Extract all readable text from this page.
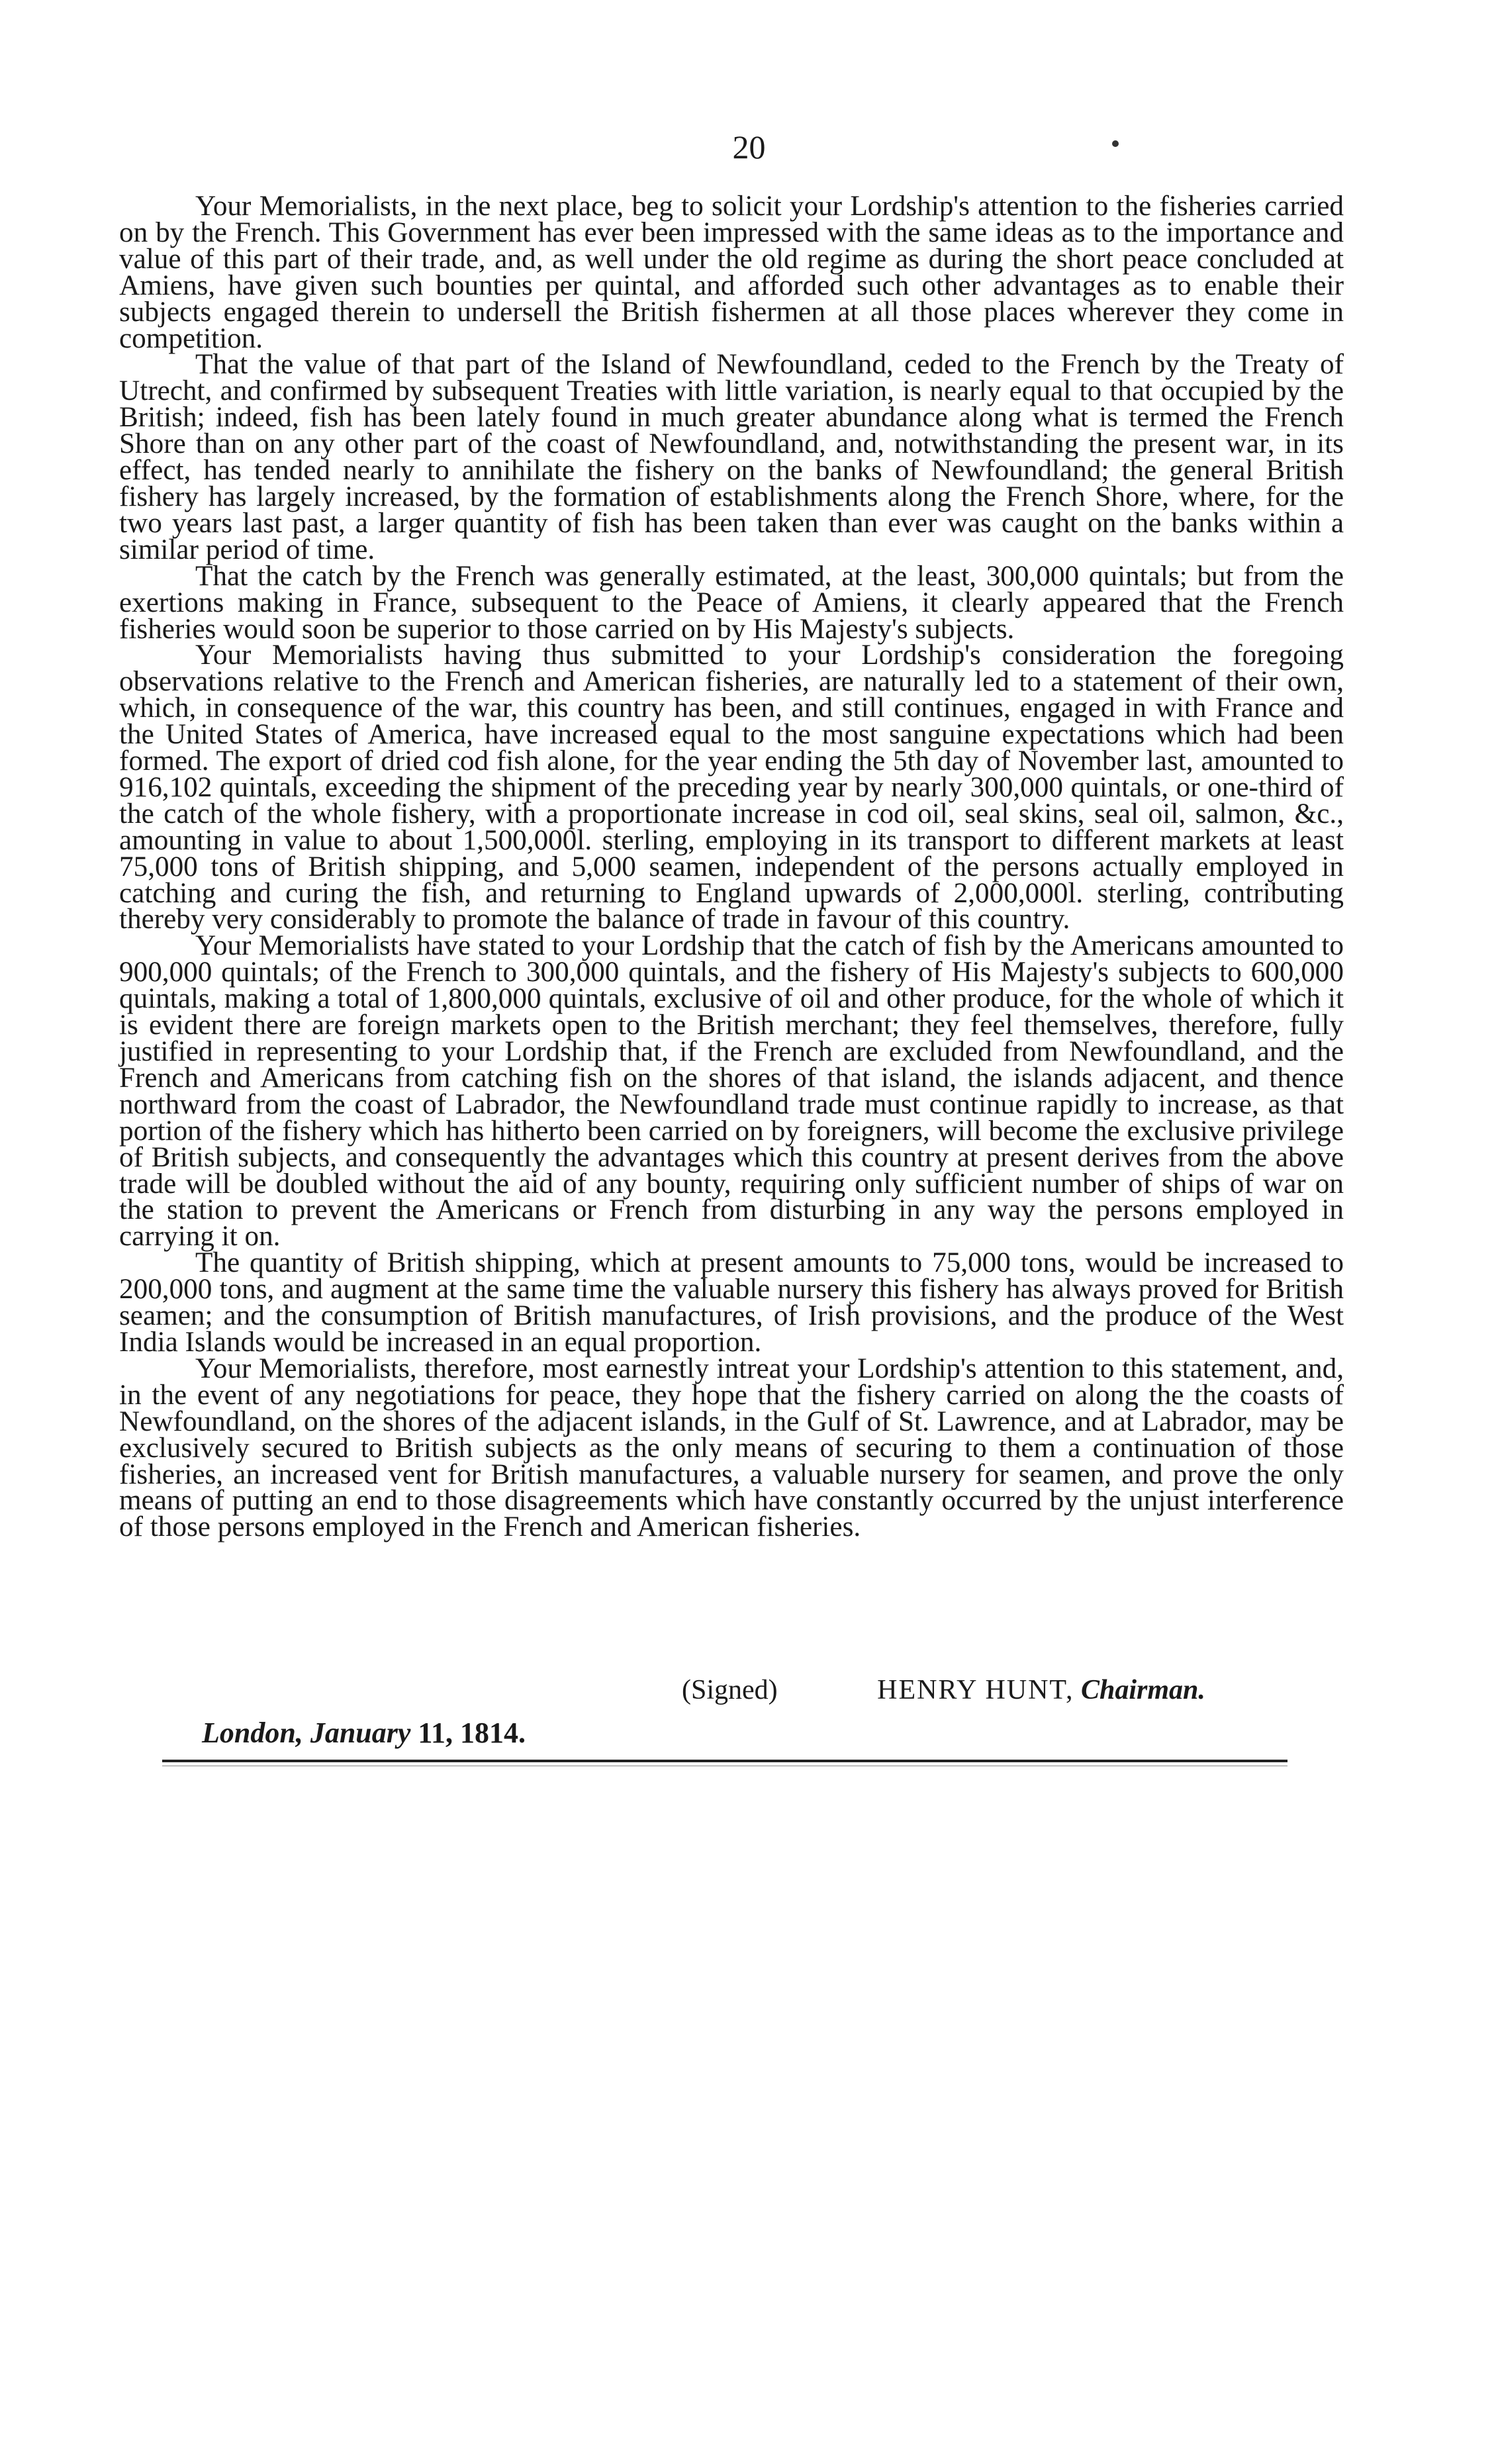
20

Your Memorialists, in the next place, beg to solicit your Lordship's attention to the fisheries carried on by the French. This Government has ever been impressed with the same ideas as to the importance and value of this part of their trade, and, as well under the old regime as during the short peace concluded at Amiens, have given such bounties per quintal, and afforded such other advantages as to enable their subjects engaged therein to undersell the British fishermen at all those places wherever they come in competition.

That the value of that part of the Island of Newfoundland, ceded to the French by the Treaty of Utrecht, and confirmed by subsequent Treaties with little variation, is nearly equal to that occupied by the British; indeed, fish has been lately found in much greater abundance along what is termed the French Shore than on any other part of the coast of Newfoundland, and, notwithstanding the present war, in its effect, has tended nearly to annihilate the fishery on the banks of Newfoundland; the general British fishery has largely increased, by the formation of establishments along the French Shore, where, for the two years last past, a larger quantity of fish has been taken than ever was caught on the banks within a similar period of time.

That the catch by the French was generally estimated, at the least, 300,000 quintals; but from the exertions making in France, subsequent to the Peace of Amiens, it clearly appeared that the French fisheries would soon be superior to those carried on by His Majesty's subjects.

Your Memorialists having thus submitted to your Lordship's consideration the foregoing observations relative to the French and American fisheries, are naturally led to a statement of their own, which, in consequence of the war, this country has been, and still continues, engaged in with France and the United States of America, have increased equal to the most sanguine expectations which had been formed. The export of dried cod fish alone, for the year ending the 5th day of November last, amounted to 916,102 quintals, exceeding the shipment of the preceding year by nearly 300,000 quintals, or one-third of the catch of the whole fishery, with a proportionate increase in cod oil, seal skins, seal oil, salmon, &c., amounting in value to about 1,500,000l. sterling, employing in its transport to different markets at least 75,000 tons of British shipping, and 5,000 seamen, independent of the persons actually employed in catching and curing the fish, and returning to England upwards of 2,000,000l. sterling, contributing thereby very considerably to promote the balance of trade in favour of this country.

Your Memorialists have stated to your Lordship that the catch of fish by the Americans amounted to 900,000 quintals; of the French to 300,000 quintals, and the fishery of His Majesty's subjects to 600,000 quintals, making a total of 1,800,000 quintals, exclusive of oil and other produce, for the whole of which it is evident there are foreign markets open to the British merchant; they feel themselves, therefore, fully justified in representing to your Lordship that, if the French are excluded from Newfoundland, and the French and Americans from catching fish on the shores of that island, the islands adjacent, and thence northward from the coast of Labrador, the Newfoundland trade must continue rapidly to increase, as that portion of the fishery which has hitherto been carried on by foreigners, will become the exclusive privilege of British subjects, and consequently the advantages which this country at present derives from the above trade will be doubled without the aid of any bounty, requiring only sufficient number of ships of war on the station to prevent the Americans or French from disturbing in any way the persons employed in carrying it on.

The quantity of British shipping, which at present amounts to 75,000 tons, would be increased to 200,000 tons, and augment at the same time the valuable nursery this fishery has always proved for British seamen; and the consumption of British manufactures, of Irish provisions, and the produce of the West India Islands would be increased in an equal proportion.

Your Memorialists, therefore, most earnestly intreat your Lordship's attention to this statement, and, in the event of any negotiations for peace, they hope that the fishery carried on along the the coasts of Newfoundland, on the shores of the adjacent islands, in the Gulf of St. Lawrence, and at Labrador, may be exclusively secured to British subjects as the only means of securing to them a continuation of those fisheries, an increased vent for British manufactures, a valuable nursery for seamen, and prove the only means of putting an end to those disagreements which have constantly occurred by the unjust interference of those persons employed in the French and American fisheries.

(Signed)	HENRY HUNT, Chairman.
London, January 11, 1814.
